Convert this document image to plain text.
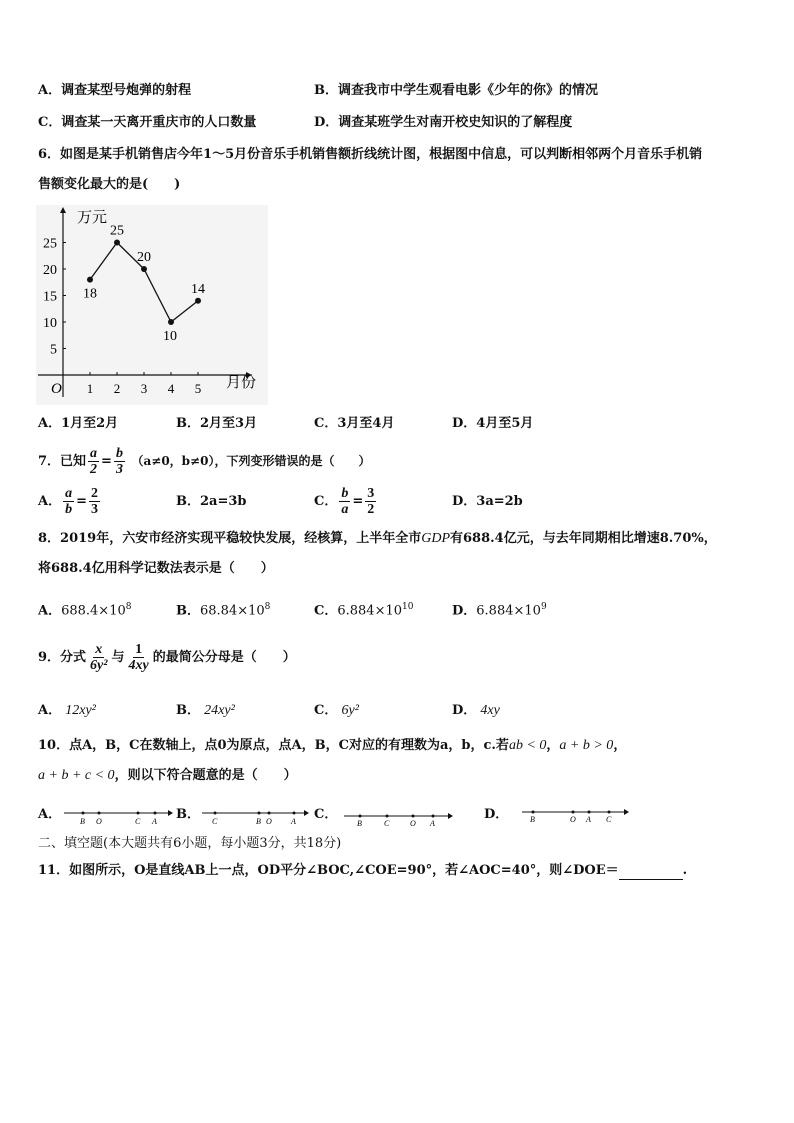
A．调查某型号炮弹的射程	B．调查我市中学生观看电影《少年的你》的情况
C．调查某一天离开重庆市的人口数量	D．调查某班学生对南开校史知识的了解程度
6．如图是某手机销售店今年1～5月份音乐手机销售额折线统计图，根据图中信息，可以判断相邻两个月音乐手机销
售额变化最大的是(　　)
万元
月份
O
5
10
15
20
25
1 2 3 4 5
18
25
20
10
14
A．1月至2月	B．2月至3月	C．3月至4月	D．4月至5月
7．已知 $\frac{a}{2} = \frac{b}{3} (a\ne 0$，b≠0），下列变形错误的是（　　）
A． $\frac{a}{b} = \frac{2}{3}$	B．2a=3b	C． $\frac{b}{a} = \frac{3}{2}$	D．3a=2b
8．2019年，六安市经济实现平稳较快发展，经核算，上半年全市GDP有688.4亿元，与去年同期相比增速8.70%，
将688.4亿用科学记数法表示是（　　）
A．$688.4\times 10^8$	B．$68.84\times 10^8$	C．$6.884\times 10^{10}$	D．$6.884\times 10^9$
9．分式 $\frac{x}{\text{6y²}}$ 与 $\frac{1}{4xy}$ 的最简公分母是（　　）
A． 12xy²	B． 24xy²	C． 6y²	D． 4xy
10．点A，B，C在数轴上，点0为原点，点A，B，C对应的有理数为a，b，c.若ab < 0，a + b > 0，
a + b + c < 0，则以下符合题意的是（　　）
A． B O	C A B． C	B O A C．
B	C	O A
D．	B	O A C
二、填空题(本大题共有6小题，每小题3分，共18分)
11．如图所示，O是直线AB上一点，OD平分∠BOC,∠COE=90°，若∠AOC=40°，则∠DOE＝	.
